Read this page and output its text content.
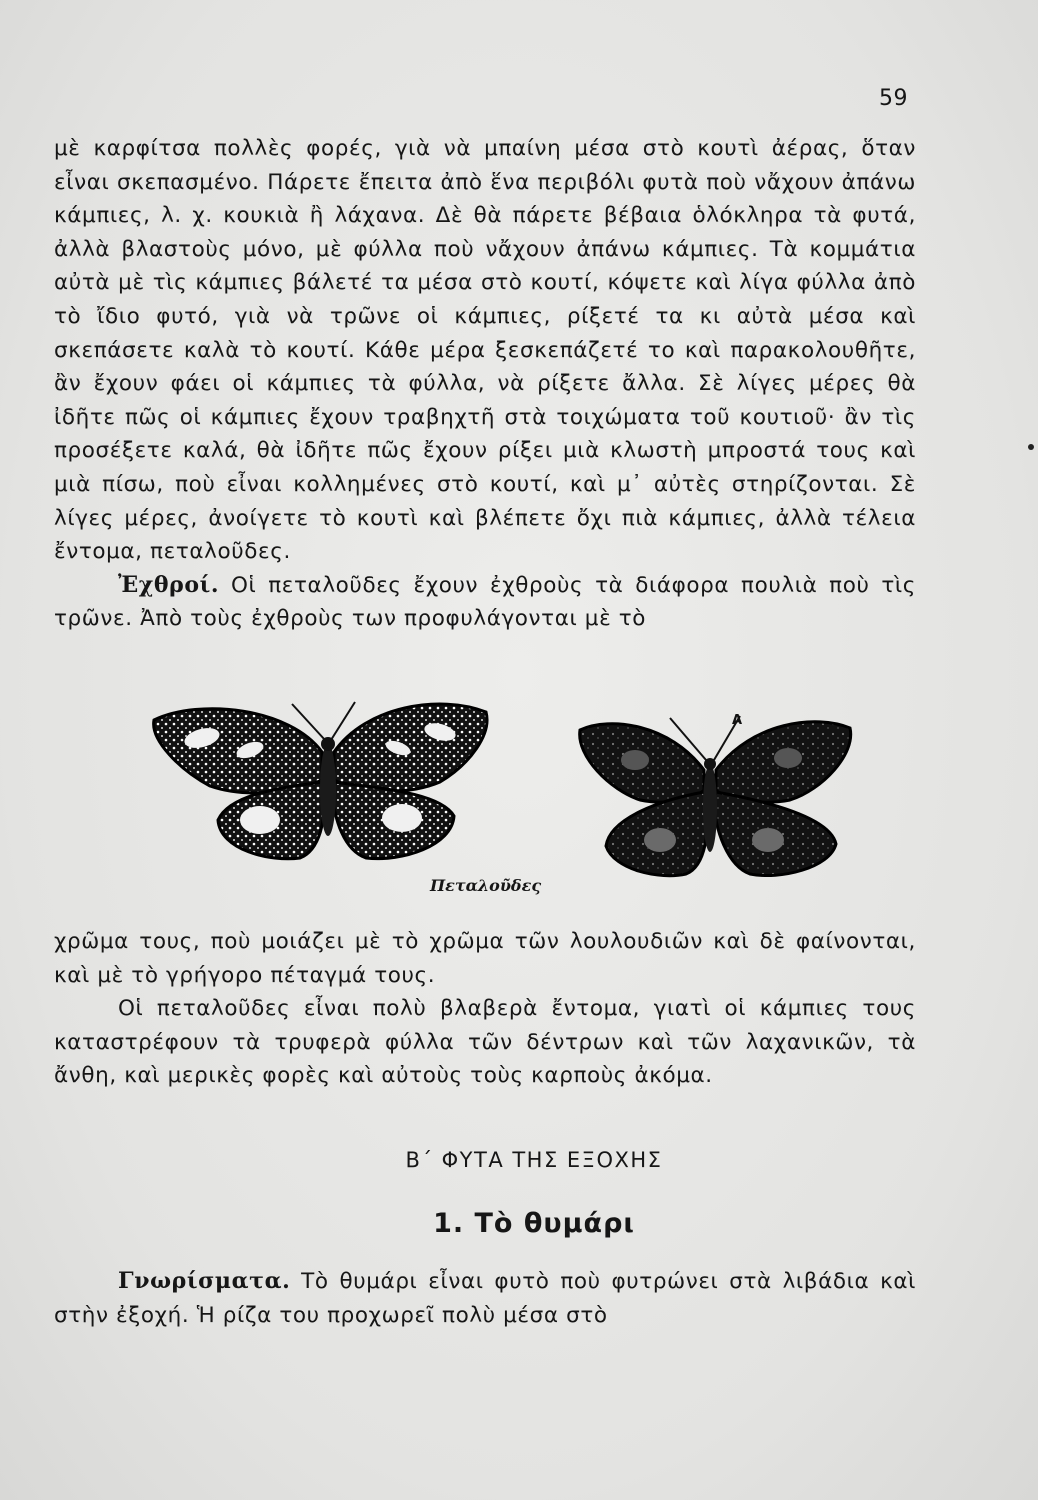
59

μὲ καρφίτσα πολλὲς φορές, γιὰ νὰ μπαίνη μέσα στὸ κουτὶ ἀέρας, ὅταν εἶναι σκεπασμένο. Πάρετε ἔπειτα ἀπὸ ἕνα περιβόλι φυτὰ ποὺ νἄχουν ἀπάνω κάμπιες, λ. χ. κουκιὰ ἢ λάχανα. Δὲ θὰ πάρετε βέβαια ὁλόκληρα τὰ φυτά, ἀλλὰ βλαστοὺς μόνο, μὲ φύλλα ποὺ νἄχουν ἀπάνω κάμπιες. Τὰ κομμάτια αὐτὰ μὲ τὶς κάμπιες βάλετέ τα μέσα στὸ κουτί, κόψετε καὶ λίγα φύλλα ἀπὸ τὸ ἴδιο φυτό, γιὰ νὰ τρῶνε οἱ κάμπιες, ρίξετέ τα κι αὐτὰ μέσα καὶ σκεπάσετε καλὰ τὸ κουτί. Κάθε μέρα ξεσκεπάζετέ το καὶ παρακολουθῆτε, ἂν ἔχουν φάει οἱ κάμπιες τὰ φύλλα, νὰ ρίξετε ἄλλα. Σὲ λίγες μέρες θὰ ἰδῆτε πῶς οἱ κάμπιες ἔχουν τραβηχτῆ στὰ τοιχώματα τοῦ κουτιοῦ· ἂν τὶς προσέξετε καλά, θὰ ἰδῆτε πῶς ἔχουν ρίξει μιὰ κλωστὴ μπροστά τους καὶ μιὰ πίσω, ποὺ εἶναι κολλημένες στὸ κουτί, καὶ μ᾽ αὐτὲς στηρίζονται. Σὲ λίγες μέρες, ἀνοίγετε τὸ κουτὶ καὶ βλέπετε ὄχι πιὰ κάμπιες, ἀλλὰ τέλεια ἔντομα, πεταλοῦδες.

Ἐχθροί. Οἱ πεταλοῦδες ἔχουν ἐχθροὺς τὰ διάφορα πουλιὰ ποὺ τὶς τρῶνε. Ἀπὸ τοὺς ἐχθροὺς των προφυλάγονται μὲ τὸ

Α
Πεταλοῦδες

χρῶμα τους, ποὺ μοιάζει μὲ τὸ χρῶμα τῶν λουλουδιῶν καὶ δὲ φαίνονται, καὶ μὲ τὸ γρήγορο πέταγμά τους.

Οἱ πεταλοῦδες εἶναι πολὺ βλαβερὰ ἔντομα, γιατὶ οἱ κάμπιες τους καταστρέφουν τὰ τρυφερὰ φύλλα τῶν δέντρων καὶ τῶν λαχανικῶν, τὰ ἄνθη, καὶ μερικὲς φορὲς καὶ αὐτοὺς τοὺς καρποὺς ἀκόμα.

Β΄ ΦΥΤΑ ΤΗΣ ΕΞΟΧΗΣ
1. Τὸ θυμάρι

Γνωρίσματα. Τὸ θυμάρι εἶναι φυτὸ ποὺ φυτρώνει στὰ λιβάδια καὶ στὴν ἐξοχή. Ἡ ρίζα του προχωρεῖ πολὺ μέσα στὸ
